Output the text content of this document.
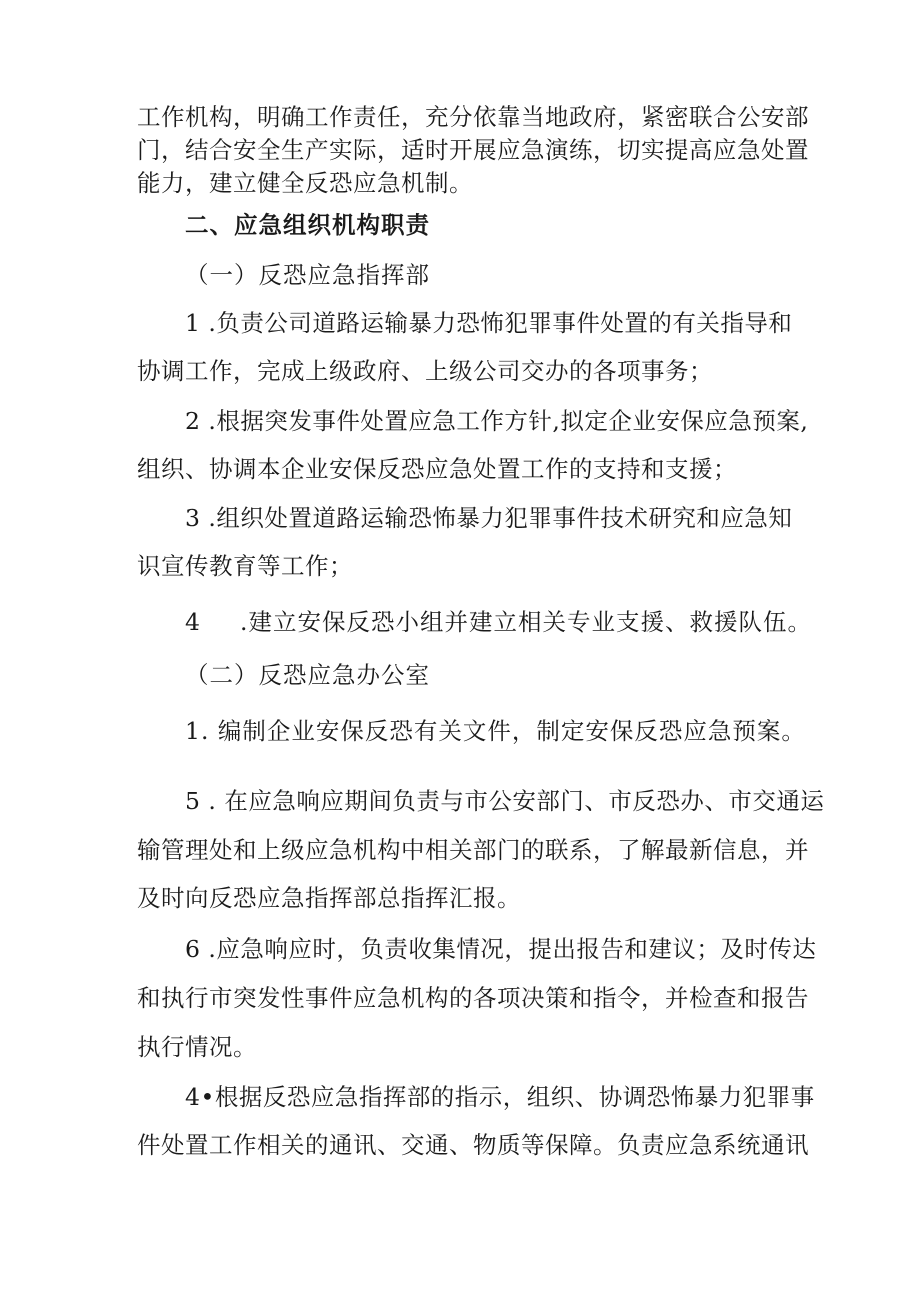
工作机构，明确工作责任，充分依靠当地政府，紧密联合公安部
门，结合安全生产实际，适时开展应急演练，切实提高应急处置
能力，建立健全反恐应急机制。
二、应急组织机构职责
（一）反恐应急指挥部
1 .负责公司道路运输暴力恐怖犯罪事件处置的有关指导和
协调工作，完成上级政府、上级公司交办的各项事务；
2 .根据突发事件处置应急工作方针,拟定企业安保应急预案,
组织、协调本企业安保反恐应急处置工作的支持和支援；
3 .组织处置道路运输恐怖暴力犯罪事件技术研究和应急知
识宣传教育等工作；
4 .建立安保反恐小组并建立相关专业支援、救援队伍。
（二）反恐应急办公室
1. 编制企业安保反恐有关文件，制定安保反恐应急预案。
5 . 在应急响应期间负责与市公安部门、市反恐办、市交通运
输管理处和上级应急机构中相关部门的联系，了解最新信息，并
及时向反恐应急指挥部总指挥汇报。
6 .应急响应时，负责收集情况，提出报告和建议；及时传达
和执行市突发性事件应急机构的各项决策和指令，并检查和报告
执行情况。
4•根据反恐应急指挥部的指示，组织、协调恐怖暴力犯罪事
件处置工作相关的通讯、交通、物质等保障。负责应急系统通讯
